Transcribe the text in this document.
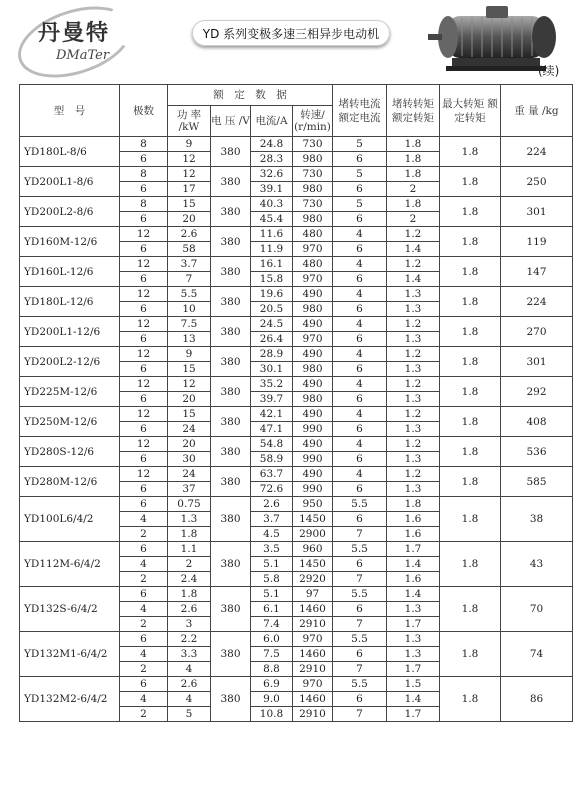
丹曼特
DMaTer
YD 系列变极多速三相异步电动机
(续)
型　号	极数	额　定　数　据				堵转电流 额定电流	堵转转矩 额定转矩	最大转矩 额定转矩	重 量 /kg
		功 率 /kW	电 压 /V	电流/A	转速/ (r/min)				
YD180L-8/6	8	9	380	24.8	730	5	1.8	1.8	224
	6	12		28.3	980	6	1.8		
YD200L1-8/6	8	12	380	32.6	730	5	1.8	1.8	250
	6	17		39.1	980	6	2		
YD200L2-8/6	8	15	380	40.3	730	5	1.8	1.8	301
	6	20		45.4	980	6	2		
YD160M-12/6	12	2.6	380	11.6	480	4	1.2	1.8	119
	6	58		11.9	970	6	1.4		
YD160L-12/6	12	3.7	380	16.1	480	4	1.2	1.8	147
	6	7		15.8	970	6	1.4		
YD180L-12/6	12	5.5	380	19.6	490	4	1.3	1.8	224
	6	10		20.5	980	6	1.3		
YD200L1-12/6	12	7.5	380	24.5	490	4	1.2	1.8	270
	6	13		26.4	970	6	1.3		
YD200L2-12/6	12	9	380	28.9	490	4	1.2	1.8	301
	6	15		30.1	980	6	1.3		
YD225M-12/6	12	12	380	35.2	490	4	1.2	1.8	292
	6	20		39.7	980	6	1.3		
YD250M-12/6	12	15	380	42.1	490	4	1.2	1.8	408
	6	24		47.1	990	6	1.3		
YD280S-12/6	12	20	380	54.8	490	4	1.2	1.8	536
	6	30		58.9	990	6	1.3		
YD280M-12/6	12	24	380	63.7	490	4	1.2	1.8	585
	6	37		72.6	990	6	1.3		
YD100L6/4/2	6	0.75	380	2.6	950	5.5	1.8	1.8	38
	4	1.3		3.7	1450	6	1.6		
	2	1.8		4.5	2900	7	1.6		
YD112M-6/4/2	6	1.1	380	3.5	960	5.5	1.7	1.8	43
	4	2		5.1	1450	6	1.4		
	2	2.4		5.8	2920	7	1.6		
YD132S-6/4/2	6	1.8	380	5.1	97	5.5	1.4	1.8	70
	4	2.6		6.1	1460	6	1.3		
	2	3		7.4	2910	7	1.7		
YD132M1-6/4/2	6	2.2	380	6.0	970	5.5	1.3	1.8	74
	4	3.3		7.5	1460	6	1.3		
	2	4		8.8	2910	7	1.7		
YD132M2-6/4/2	6	2.6	380	6.9	970	5.5	1.5	1.8	86
	4	4		9.0	1460	6	1.4		
	2	5		10.8	2910	7	1.7		
